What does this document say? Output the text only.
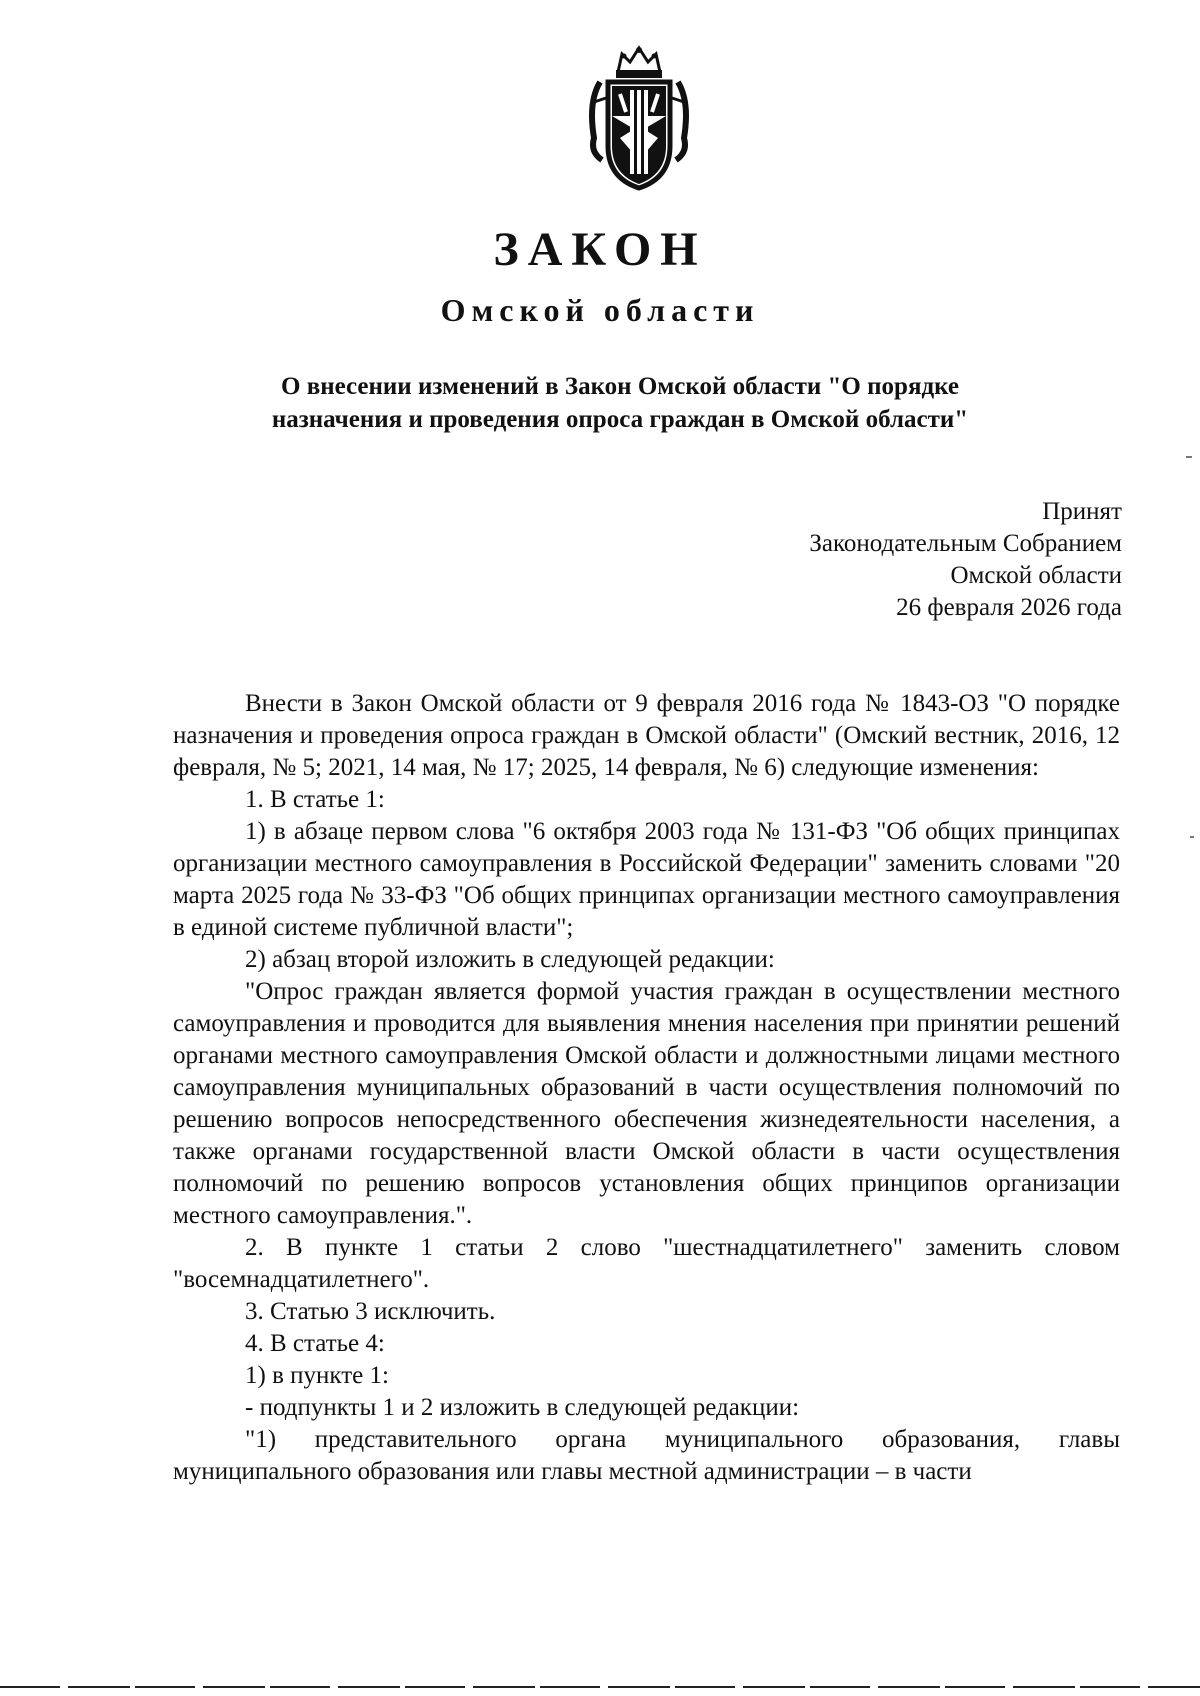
ЗАКОН
Омской области
О внесении изменений в Закон Омской области "О порядке
назначения и проведения опроса граждан в Омской области"
Принят
Законодательным Собранием
Омской области
26 февраля 2026 года

Внести в Закон Омской области от 9 февраля 2016 года № 1843-ОЗ "О порядке назначения и проведения опроса граждан в Омской области" (Омский вестник, 2016, 12 февраля, № 5; 2021, 14 мая, № 17; 2025, 14 февраля, № 6) следующие изменения:

1. В статье 1:

1) в абзаце первом слова "6 октября 2003 года № 131-ФЗ "Об общих принципах организации местного самоуправления в Российской Федерации" заменить словами "20 марта 2025 года № 33-ФЗ "Об общих принципах организации местного самоуправления в единой системе публичной власти";

2) абзац второй изложить в следующей редакции:

"Опрос граждан является формой участия граждан в осуществлении местного самоуправления и проводится для выявления мнения населения при принятии решений органами местного самоуправления Омской области и должностными лицами местного самоуправления муниципальных образований в части осуществления полномочий по решению вопросов непосредственного обеспечения жизнедеятельности населения, а также органами государственной власти Омской области в части осуществления полномочий по решению вопросов установления общих принципов организации местного самоуправления.".

2. В пункте 1 статьи 2 слово "шестнадцатилетнего" заменить словом "восемнадцатилетнего".

3. Статью 3 исключить.

4. В статье 4:

1) в пункте 1:

- подпункты 1 и 2 изложить в следующей редакции:

"1) представительного органа муниципального образования, главы муниципального образования или главы местной администрации – в части
